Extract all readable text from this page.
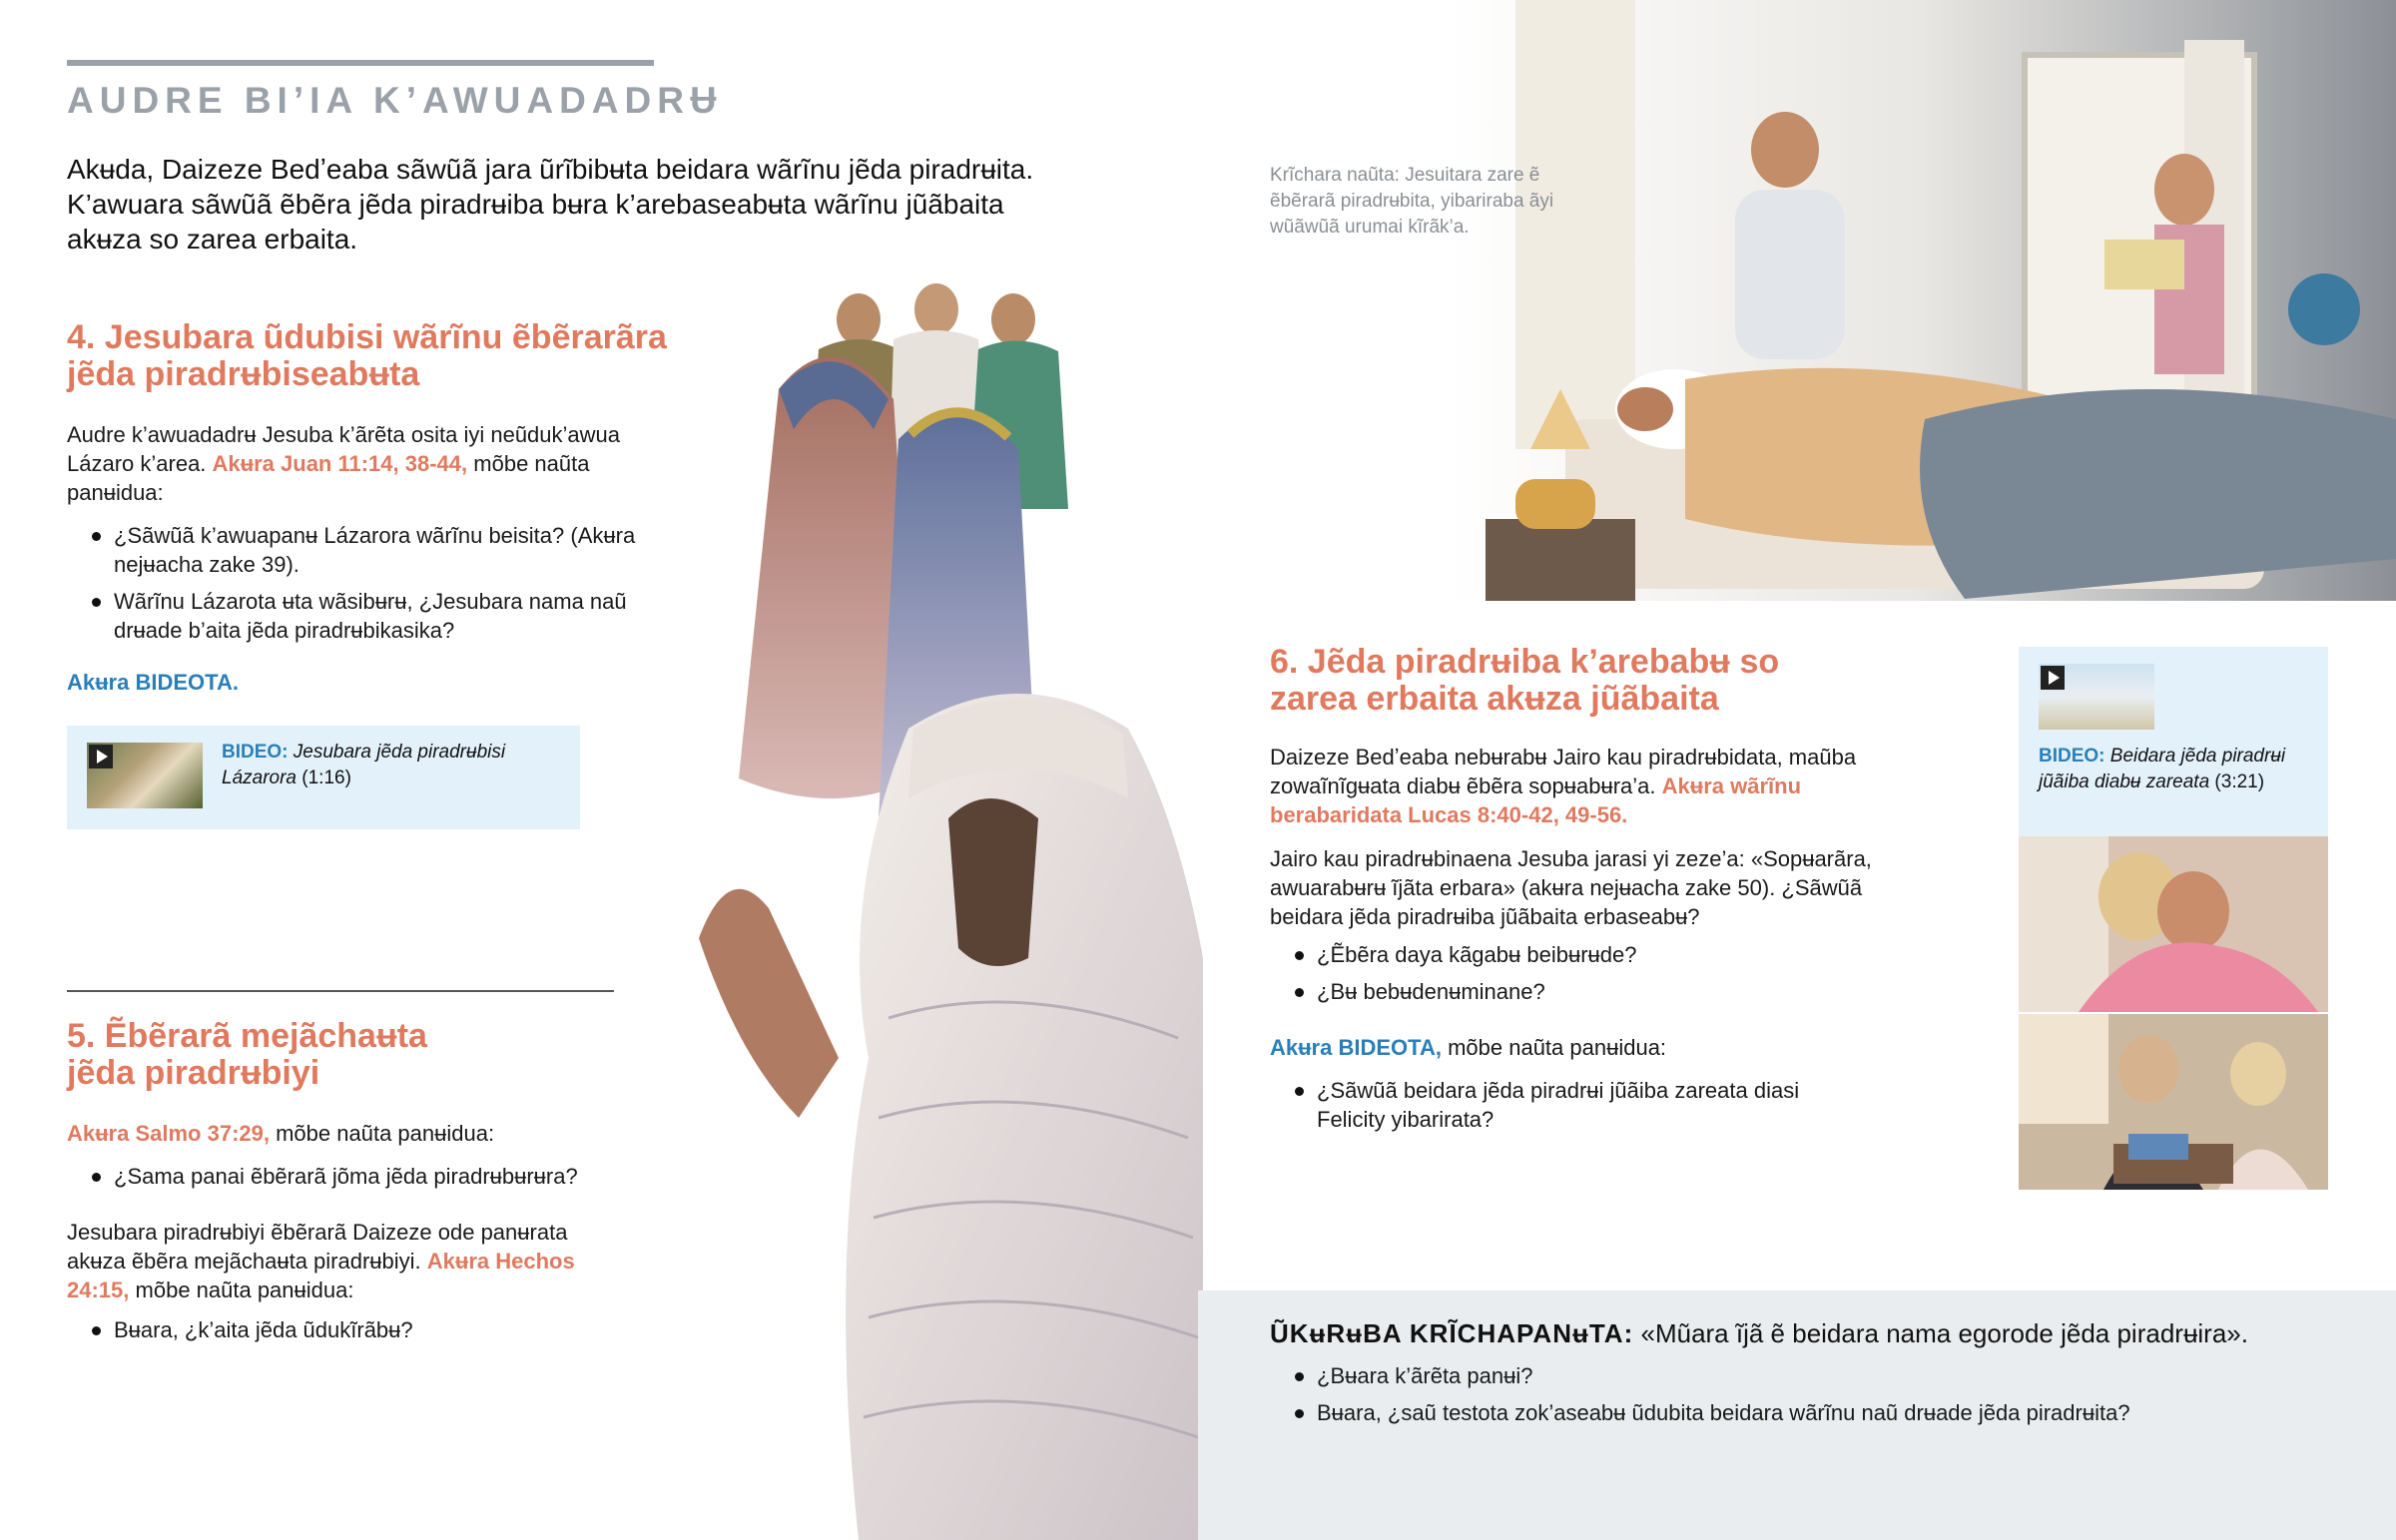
AUDRE BI’IA K’AWUADADRɄ
Akʉda, Daizeze Bedʼeaba sãwũã jara ũrĩbibʉta beidara wãrĩnu jẽda piradrʉita. K’awuara sãwũã ẽbẽra jẽda piradrʉiba bʉra k’arebaseabʉta wãrĩnu jũãbaita akʉza so zarea erbaita.
4. Jesubara ũdubisi wãrĩnu ẽbẽrarãra
jẽda piradrʉbiseabʉta
Audre k’awuadadrʉ Jesuba k’ãrẽta osita iyi neũduk’awua Lázaro k’area. Akʉra Juan 11:14, 38-44, mõbe naũta panʉidua:
¿Sãwũã k’awuapanʉ Lázarora wãrĩnu beisita? (Akʉra nejʉacha zake 39).
Wãrĩnu Lázarota ʉta wãsibʉrʉ, ¿Jesubara nama naũ drʉade b’aita jẽda piradrʉbikasika?
Akʉra BIDEOTA.
BIDEO: Jesubara jẽda piradrʉbisi Lázarora (1:16)
5. Ẽbẽrarã mejãchaʉta
jẽda piradrʉbiyi
Akʉra Salmo 37:29, mõbe naũta panʉidua:
¿Sama panai ẽbẽrarã jõma jẽda piradrʉbʉrʉra?
Jesubara piradrʉbiyi ẽbẽrarã Daizeze ode panʉrata akʉza ẽbẽra mejãchaʉta piradrʉbiyi. Akʉra Hechos 24:15, mõbe naũta panʉidua:
Bʉara, ¿k’aita jẽda ũdukĩrãbʉ?
Krĩchara naũta: Jesuitara zare ẽ ẽbẽrarã piradrʉbita, yibariraba ãyi wũãwũã urumai kĩrãk’a.
6. Jẽda piradrʉiba k’arebabʉ so
zarea erbaita akʉza jũãbaita
Daizeze Bedʼeaba nebʉrabʉ Jairo kau piradrʉbidata, maũba zowaĩnĩgʉata diabʉ ẽbẽra sopʉabʉra’a. Akʉra wãrĩnu berabaridata Lucas 8:40-42, 49-56.
Jairo kau piradrʉbinaena Jesuba jarasi yi zeze’a: «Sopʉarãra, awuarabʉrʉ ĩjãta erbara» (akʉra nejʉacha zake 50). ¿Sãwũã beidara jẽda piradrʉiba jũãbaita erbaseabʉ?
¿Ẽbẽra daya kãgabʉ beibʉrʉde?
¿Bʉ bebʉdenʉminane?
Akʉra BIDEOTA, mõbe naũta panʉidua:
¿Sãwũã beidara jẽda piradrʉi jũãiba zareata diasi Felicity yibarirata?
BIDEO: Beidara jẽda piradrʉi jũãiba diabʉ zareata (3:21)
ŨKʉRʉBA KRĨCHAPANʉTA: «Mũara ĩjã ẽ beidara nama egorode jẽda piradrʉira».
¿Bʉara k’ãrẽta panʉi?
Bʉara, ¿saũ testota zok’aseabʉ ũdubita beidara wãrĩnu naũ drʉade jẽda piradrʉita?
